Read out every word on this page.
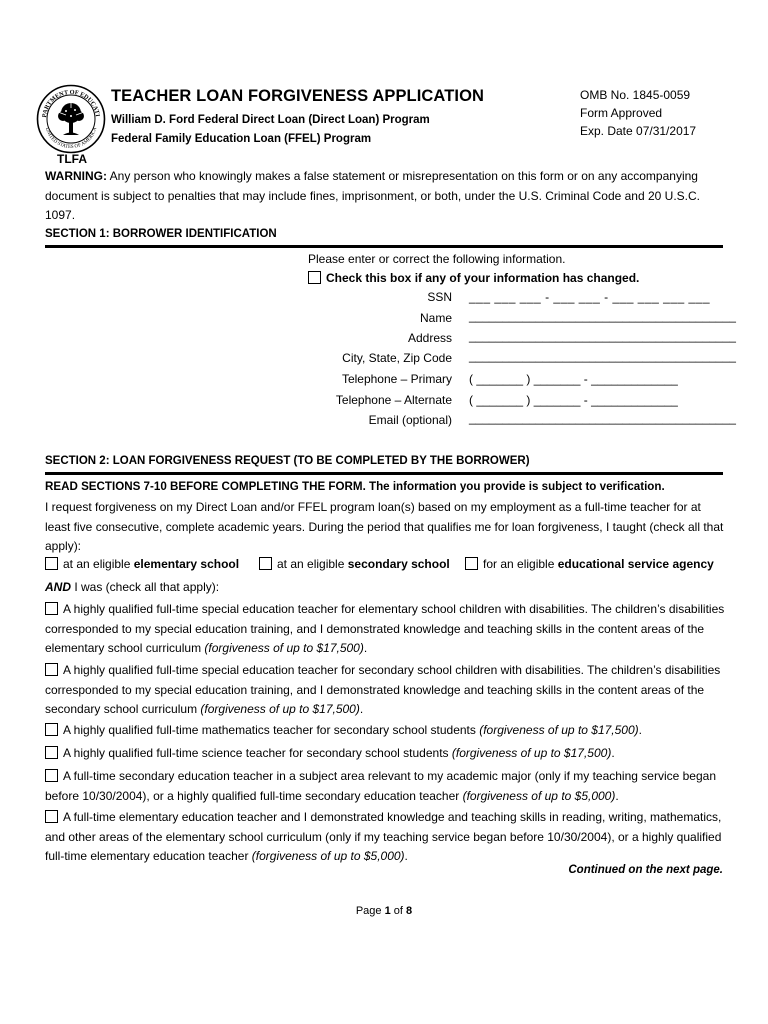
PARTMENT OF EDUCATI
UNITED STATES OF AMERICA
TEACHER LOAN FORGIVENESS APPLICATION
William D. Ford Federal Direct Loan (Direct Loan) Program
Federal Family Education Loan (FFEL) Program
OMB No. 1845-0059
Form Approved
Exp. Date 07/31/2017
TLFA
WARNING: Any person who knowingly makes a false statement or misrepresentation on this form or on any accompanying document is subject to penalties that may include fines, imprisonment, or both, under the U.S. Criminal Code and 20 U.S.C. 1097.
SECTION 1: BORROWER IDENTIFICATION
Please enter or correct the following information.
Check this box if any of your information has changed.
SSN ___ ___ ___ - ___ ___ - ___ ___ ___ ___
Name ________________________________________
Address ________________________________________
City, State, Zip Code ________________________________________
Telephone – Primary ( _______ ) _______ - _____________
Telephone – Alternate ( _______ ) _______ - _____________
Email (optional) ________________________________________
SECTION 2: LOAN FORGIVENESS REQUEST (TO BE COMPLETED BY THE BORROWER)
READ SECTIONS 7-10 BEFORE COMPLETING THE FORM. The information you provide is subject to verification.
I request forgiveness on my Direct Loan and/or FFEL program loan(s) based on my employment as a full-time teacher for at least five consecutive, complete academic years. During the period that qualifies me for loan forgiveness, I taught (check all that apply):
at an eligible elementary school	at an eligible secondary school	for an eligible educational service agency
AND I was (check all that apply):
A highly qualified full-time special education teacher for elementary school children with disabilities. The children’s disabilities corresponded to my special education training, and I demonstrated knowledge and teaching skills in the content areas of the elementary school curriculum (forgiveness of up to $17,500).
A highly qualified full-time special education teacher for secondary school children with disabilities. The children’s disabilities corresponded to my special education training, and I demonstrated knowledge and teaching skills in the content areas of the secondary school curriculum (forgiveness of up to $17,500).
A highly qualified full-time mathematics teacher for secondary school students (forgiveness of up to $17,500).
A highly qualified full-time science teacher for secondary school students (forgiveness of up to $17,500).
A full-time secondary education teacher in a subject area relevant to my academic major (only if my teaching service began before 10/30/2004), or a highly qualified full-time secondary education teacher (forgiveness of up to $5,000).
A full-time elementary education teacher and I demonstrated knowledge and teaching skills in reading, writing, mathematics, and other areas of the elementary school curriculum (only if my teaching service began before 10/30/2004), or a highly qualified full-time elementary education teacher (forgiveness of up to $5,000).
Continued on the next page.
Page 1 of 8
